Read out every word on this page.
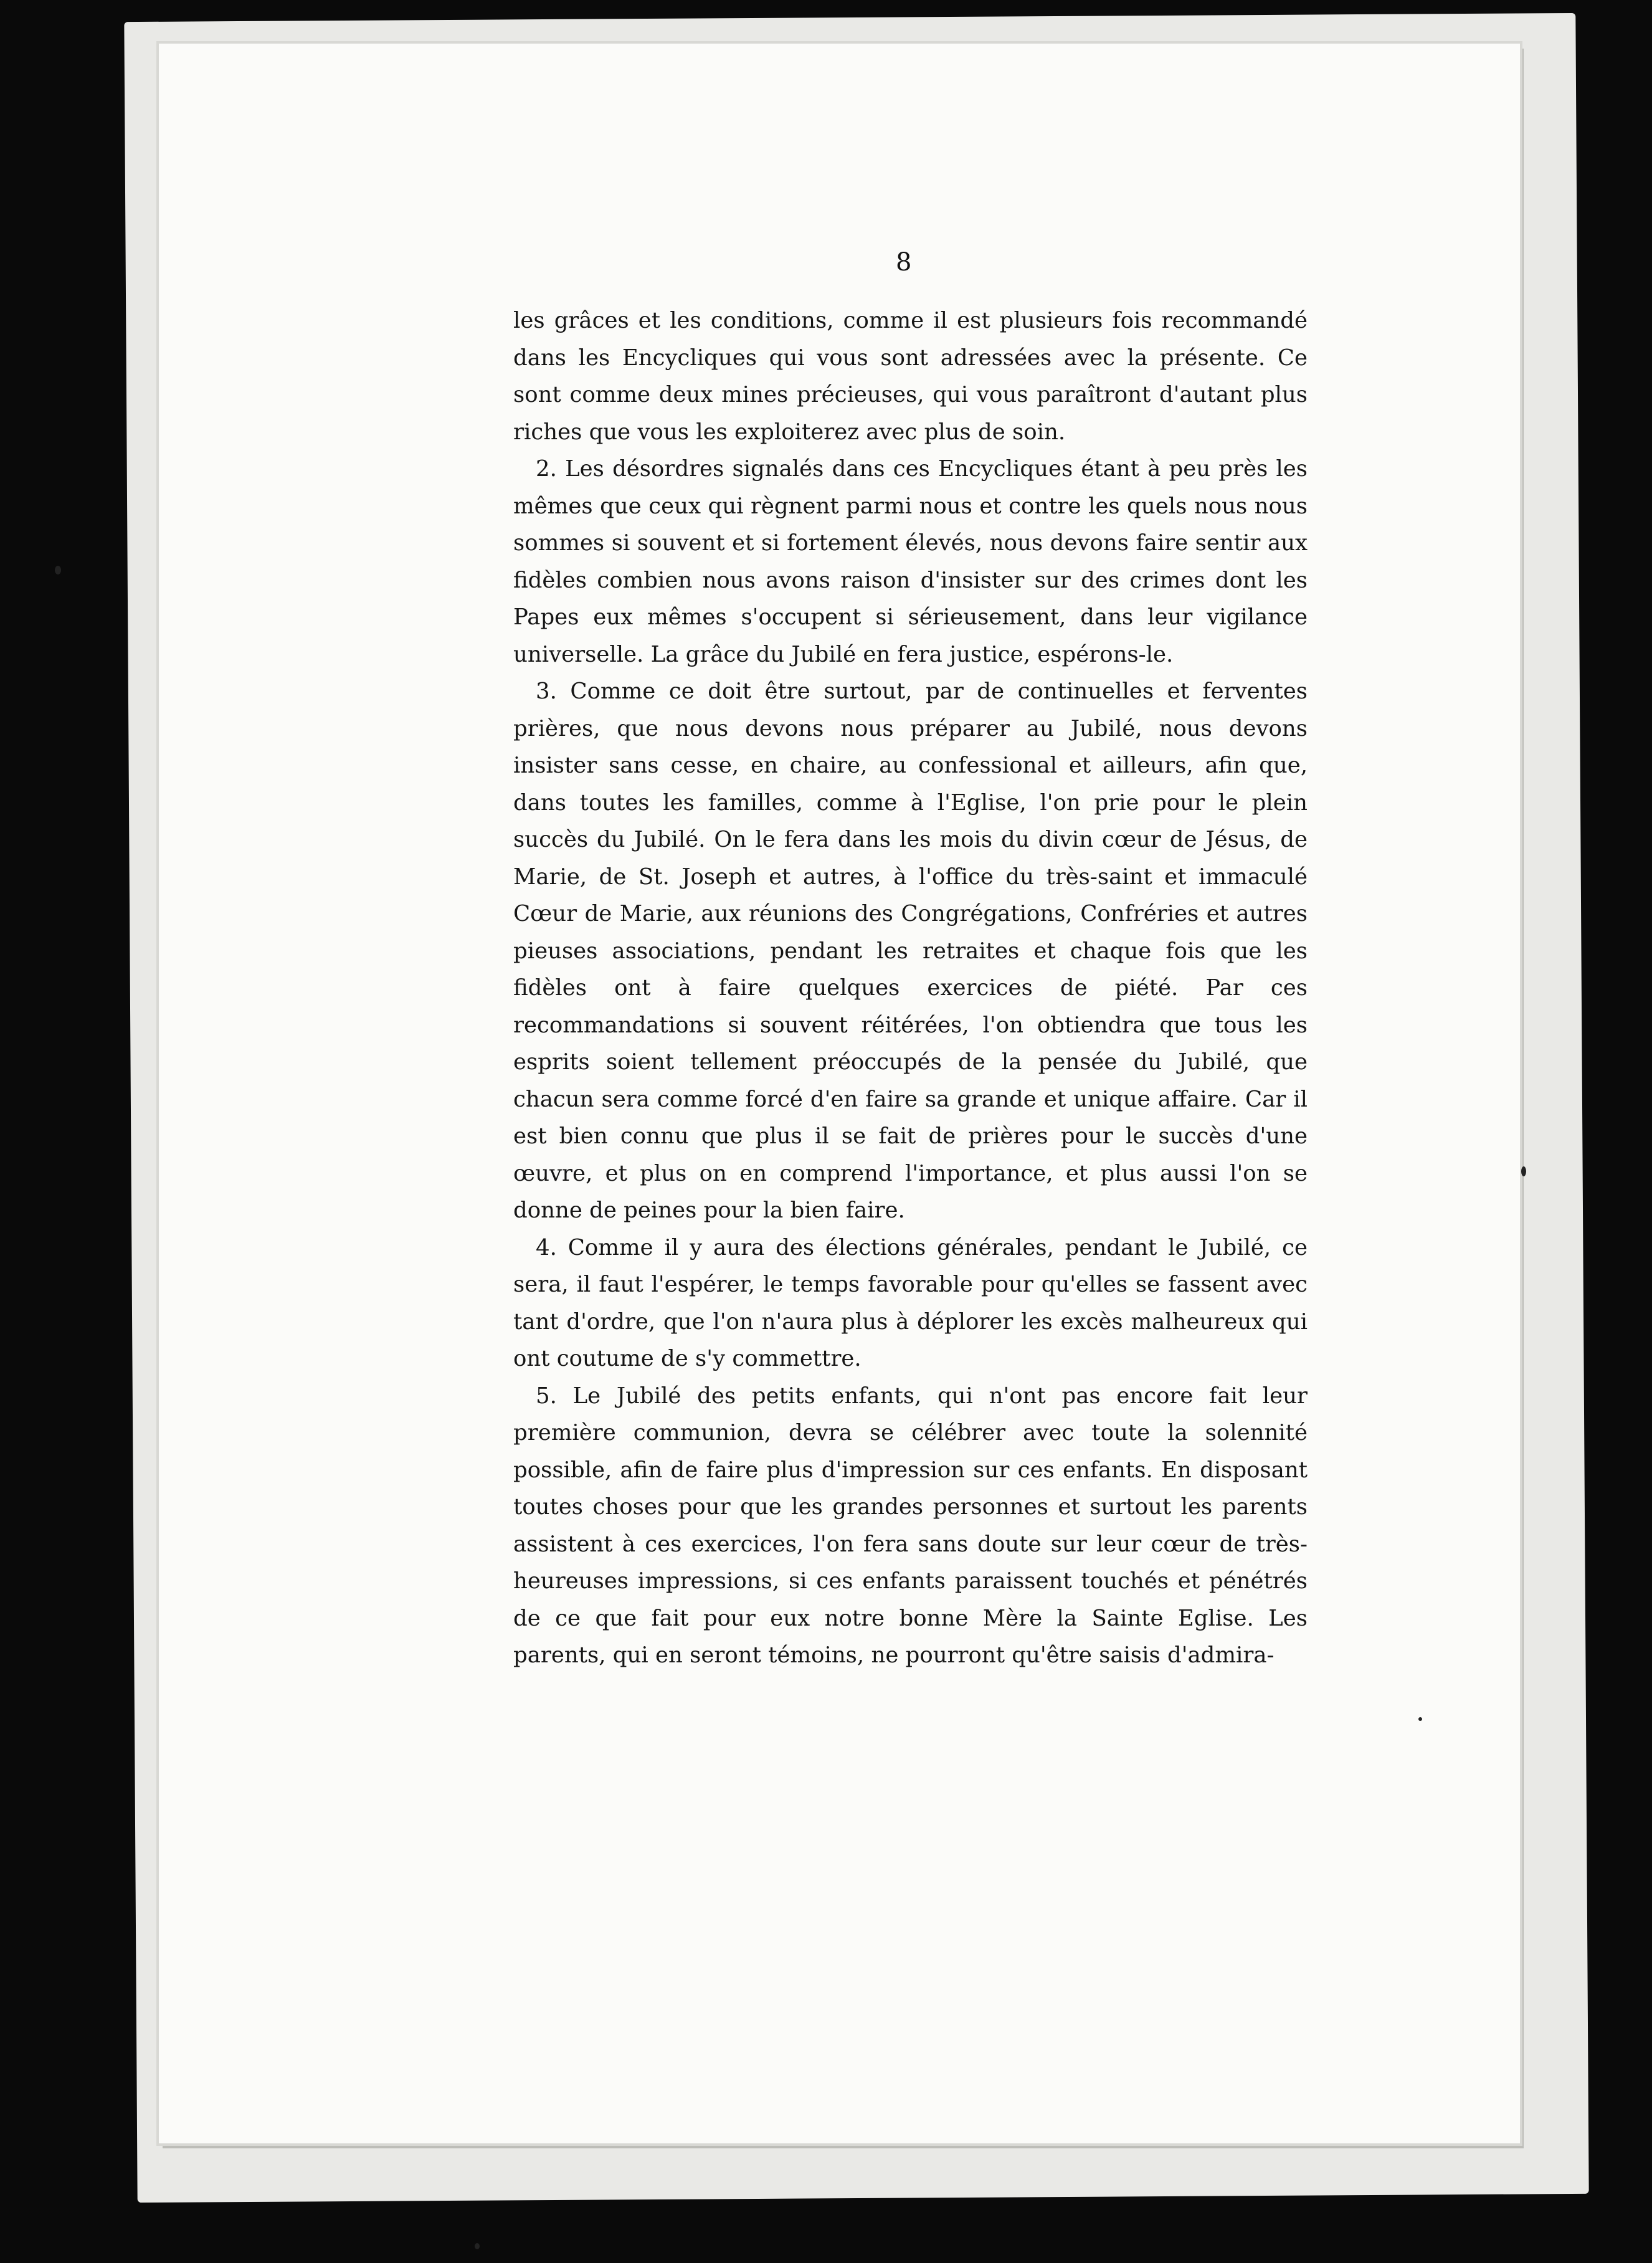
8

les grâces et les conditions, comme il est plusieurs fois recommandé dans les Encycliques qui vous sont adressées avec la présente. Ce sont comme deux mines précieuses, qui vous paraîtront d'autant plus riches que vous les exploiterez avec plus de soin.

2. Les désordres signalés dans ces Encycliques étant à peu près les mêmes que ceux qui règnent parmi nous et contre les quels nous nous sommes si souvent et si fortement élevés, nous devons faire sentir aux fidèles combien nous avons raison d'insister sur des crimes dont les Papes eux mêmes s'occupent si sérieusement, dans leur vigilance universelle. La grâce du Jubilé en fera justice, espérons-le.

3. Comme ce doit être surtout, par de continuelles et ferventes prières, que nous devons nous préparer au Jubilé, nous devons insister sans cesse, en chaire, au confessional et ailleurs, afin que, dans toutes les familles, comme à l'Eglise, l'on prie pour le plein succès du Jubilé. On le fera dans les mois du divin cœur de Jésus, de Marie, de St. Joseph et autres, à l'office du très-saint et immaculé Cœur de Marie, aux réunions des Congrégations, Confréries et autres pieuses associations, pendant les retraites et chaque fois que les fidèles ont à faire quelques exercices de piété. Par ces recommandations si souvent réitérées, l'on obtiendra que tous les esprits soient tellement préoccupés de la pensée du Jubilé, que chacun sera comme forcé d'en faire sa grande et unique affaire. Car il est bien connu que plus il se fait de prières pour le succès d'une œuvre, et plus on en comprend l'importance, et plus aussi l'on se donne de peines pour la bien faire.

4. Comme il y aura des élections générales, pendant le Jubilé, ce sera, il faut l'espérer, le temps favorable pour qu'elles se fassent avec tant d'ordre, que l'on n'aura plus à déplorer les excès malheureux qui ont coutume de s'y commettre.

5. Le Jubilé des petits enfants, qui n'ont pas encore fait leur première communion, devra se célébrer avec toute la solennité possible, afin de faire plus d'impression sur ces enfants. En disposant toutes choses pour que les grandes personnes et surtout les parents assistent à ces exercices, l'on fera sans doute sur leur cœur de très-heureuses impressions, si ces enfants paraissent touchés et pénétrés de ce que fait pour eux notre bonne Mère la Sainte Eglise. Les parents, qui en seront témoins, ne pourront qu'être saisis d'admira-
